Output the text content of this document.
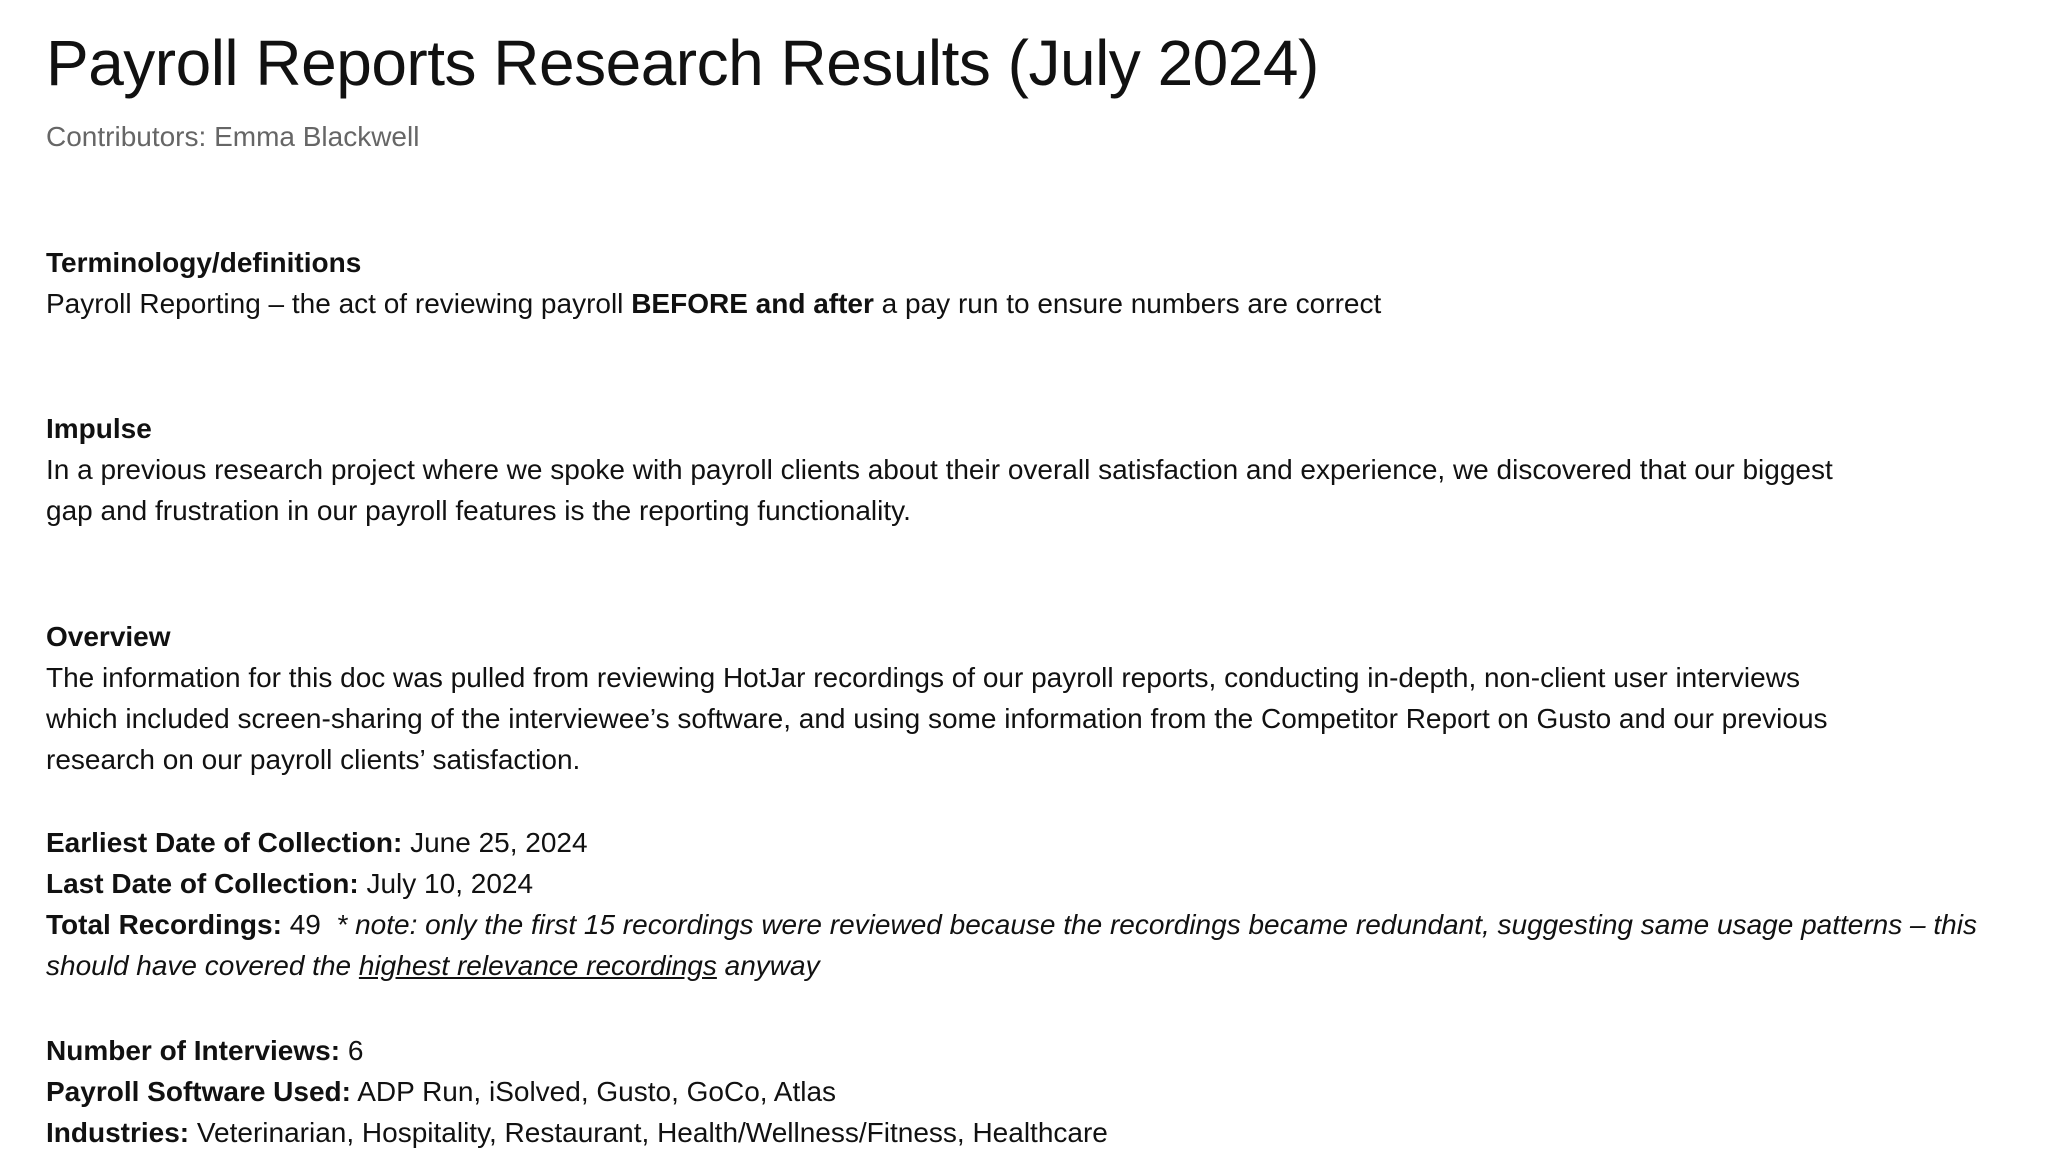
Payroll Reports Research Results (July 2024)
Contributors: Emma Blackwell
Terminology/definitions
Payroll Reporting – the act of reviewing payroll BEFORE and after a pay run to ensure numbers are correct
Impulse
In a previous research project where we spoke with payroll clients about their overall satisfaction and experience, we discovered that our biggest
gap and frustration in our payroll features is the reporting functionality.
Overview
The information for this doc was pulled from reviewing HotJar recordings of our payroll reports, conducting in-depth, non-client user interviews
which included screen-sharing of the interviewee’s software, and using some information from the Competitor Report on Gusto and our previous
research on our payroll clients’ satisfaction.
Earliest Date of Collection: June 25, 2024
Last Date of Collection: July 10, 2024
Total Recordings: 49  * note: only the first 15 recordings were reviewed because the recordings became redundant, suggesting same usage patterns – this
should have covered the highest relevance recordings anyway
Number of Interviews: 6
Payroll Software Used: ADP Run, iSolved, Gusto, GoCo, Atlas
Industries: Veterinarian, Hospitality, Restaurant, Health/Wellness/Fitness, Healthcare
